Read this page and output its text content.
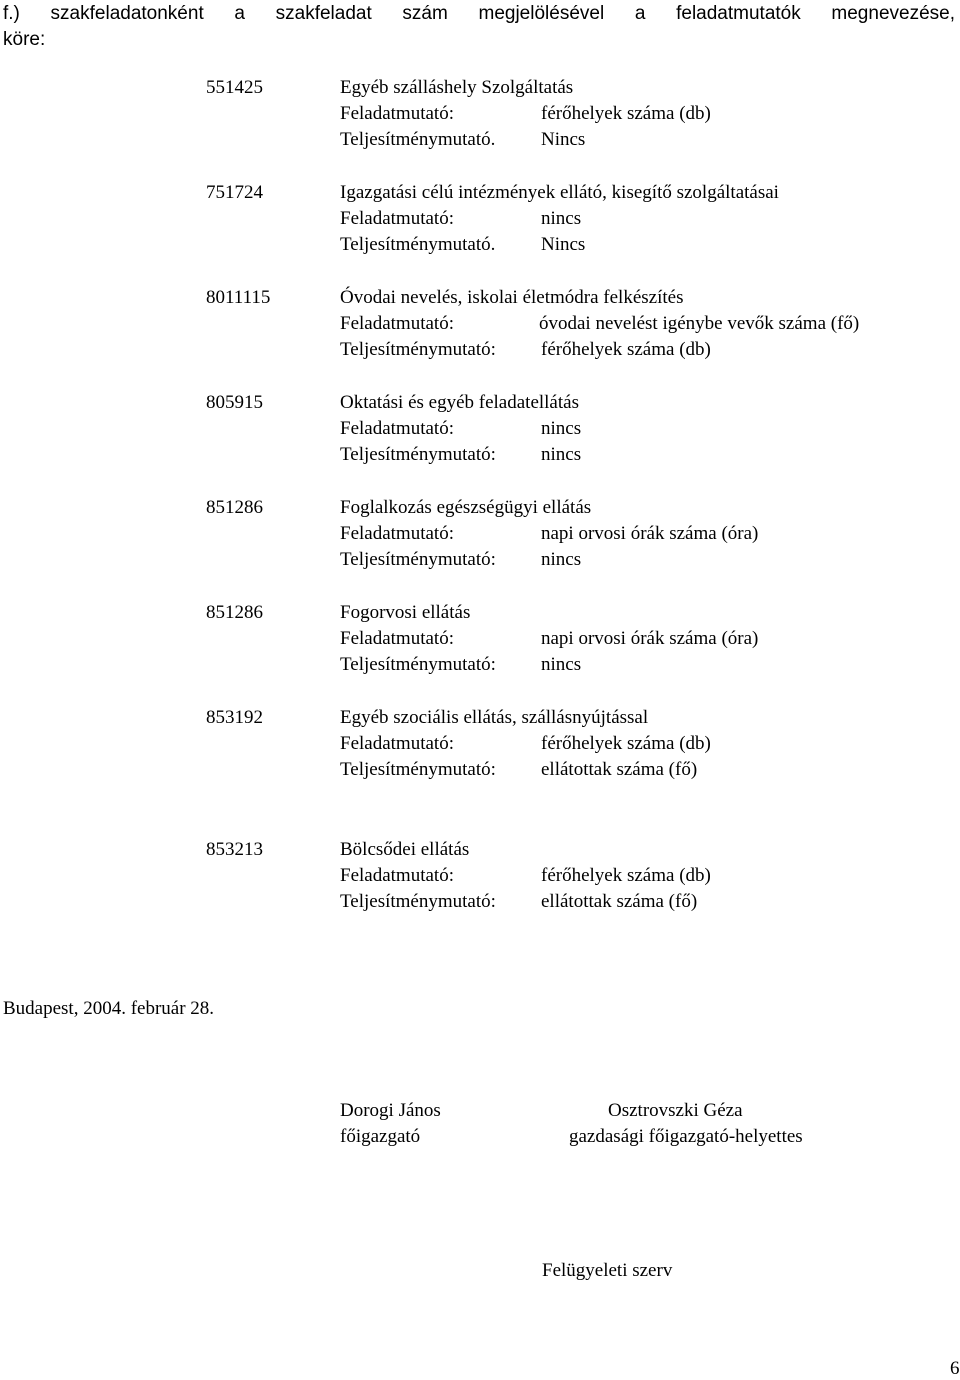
f.) szakfeladatonként a szakfeladat szám megjelölésével a feladatmutatók megnevezése,
köre:
551425	Egyéb szálláshely Szolgáltatás
Feladatmutató:	férőhelyek száma (db)
Teljesítménymutató. Nincs
751724	Igazgatási célú intézmények ellátó, kisegítő szolgáltatásai
Feladatmutató:	nincs
Teljesítménymutató. Nincs
8011115	Óvodai nevelés, iskolai életmódra felkészítés
Feladatmutató:	óvodai nevelést igénybe vevők száma (fő)
Teljesítménymutató: férőhelyek száma (db)
805915	Oktatási és egyéb feladatellátás
Feladatmutató:	nincs
Teljesítménymutató: nincs
851286	Foglalkozás egészségügyi ellátás
Feladatmutató:	napi orvosi órák száma (óra)
Teljesítménymutató: nincs
851286	Fogorvosi ellátás
Feladatmutató:	napi orvosi órák száma (óra)
Teljesítménymutató: nincs
853192	Egyéb szociális ellátás, szállásnyújtással
Feladatmutató:	férőhelyek száma (db)
Teljesítménymutató: ellátottak száma (fő)
853213	Bölcsődei ellátás
Feladatmutató:	férőhelyek száma (db)
Teljesítménymutató: ellátottak száma (fő)
Budapest, 2004. február 28.
Dorogi János
főigazgató
Osztrovszki Géza
gazdasági főigazgató-helyettes
Felügyeleti szerv
6
